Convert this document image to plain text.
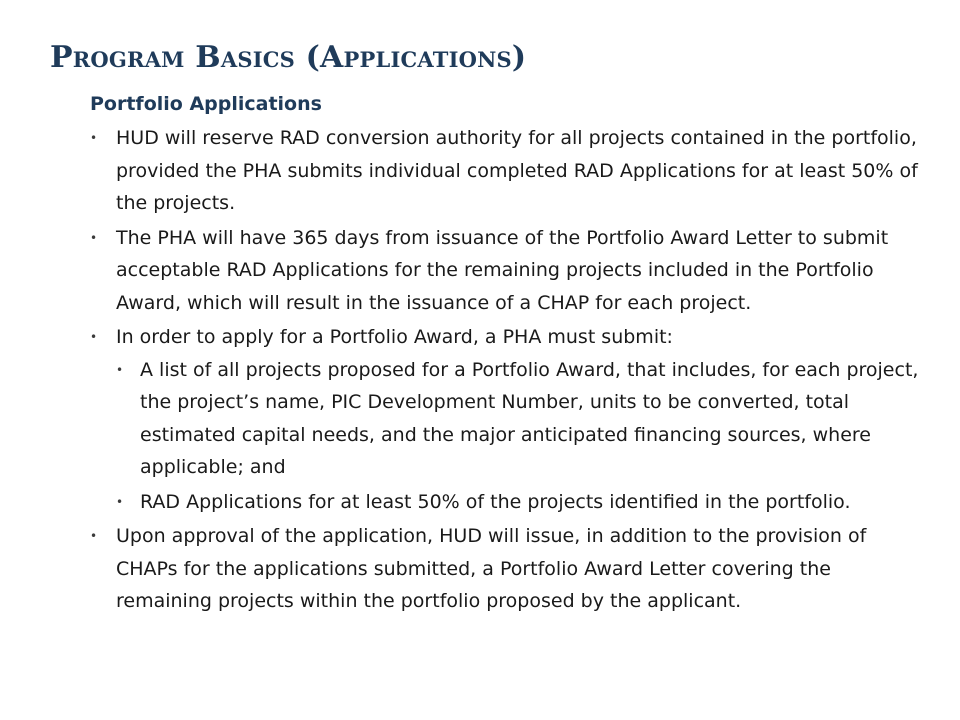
Program Basics (Applications)
Portfolio Applications
• HUD will reserve RAD conversion authority for all projects contained in the portfolio, provided the PHA submits individual completed RAD Applications for at least 50% of the projects.
• The PHA will have 365 days from issuance of the Portfolio Award Letter to submit acceptable RAD Applications for the remaining projects included in the Portfolio Award, which will result in the issuance of a CHAP for each project.
• In order to apply for a Portfolio Award, a PHA must submit:
• A list of all projects proposed for a Portfolio Award, that includes, for each project, the project’s name, PIC Development Number, units to be converted, total estimated capital needs, and the major anticipated financing sources, where applicable; and
• RAD Applications for at least 50% of the projects identified in the portfolio.
• Upon approval of the application, HUD will issue, in addition to the provision of CHAPs for the applications submitted, a Portfolio Award Letter covering the remaining projects within the portfolio proposed by the applicant.
